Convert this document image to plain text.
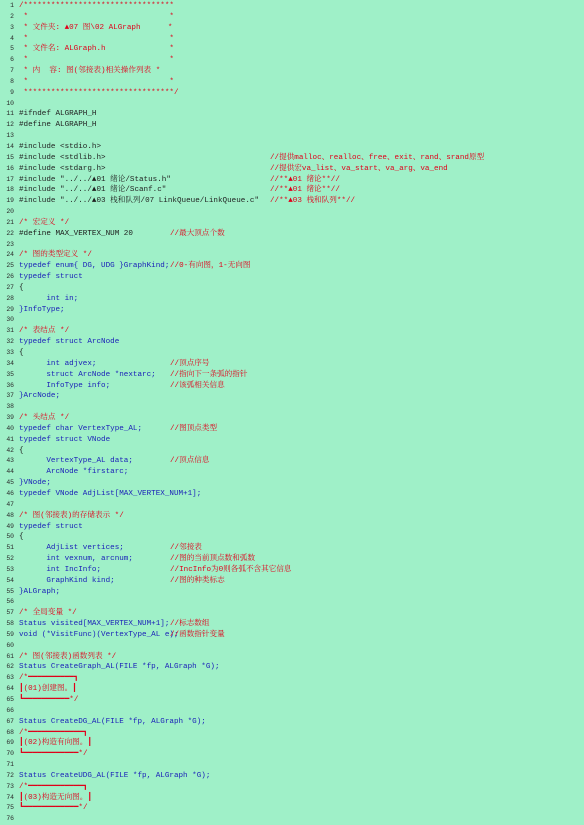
1 /*********************************
2 *                               *
3 * 文件夹: ▲07 图\02 ALGraph      *
4 *                               *
5 * 文件名: ALGraph.h              *
6 *                               *
7 * 内  容: 图(邻接表)相关操作列表 *
8 *                               *
9 *********************************/
10
11 #ifndef ALGRAPH_H
12 #define ALGRAPH_H
13
14 #include <stdio.h>
15 #include <stdlib.h>	//提供malloc、realloc、free、exit、rand、srand原型
16 #include <stdarg.h>	//提供宏va_list、va_start、va_arg、va_end
17 #include "../../▲01 绪论/Status.h"	//**▲01 绪论**//
18 #include "../../▲01 绪论/Scanf.c"	//**▲01 绪论**//
19 #include "../../▲03 栈和队列/07 LinkQueue/LinkQueue.c" //**▲03 栈和队列**//
20
21 /* 宏定义 */
22 #define MAX_VERTEX_NUM 20	//最大顶点个数
23
24 /* 图的类型定义 */
25 typedef enum{ DG, UDG }GraphKind; //0-有向图，1-无向图
26 typedef struct
27 {
28 int in;
29 }InfoType;
30
31 /* 表结点 */
32 typedef struct ArcNode
33 {
34 int adjvex;	//顶点序号
35 struct ArcNode *nextarc; //指向下一条弧的指针
36 InfoType info;	//该弧相关信息
37 }ArcNode;
38
39 /* 头结点 */
40 typedef char VertexType_AL;	//图顶点类型
41 typedef struct VNode
42 {
43 VertexType_AL data;	//顶点信息
44 ArcNode *firstarc;
45 }VNode;
46 typedef VNode AdjList[MAX_VERTEX_NUM+1];
47
48 /* 图(邻接表)的存储表示 */
49 typedef struct
50 {
51 AdjList vertices;	//邻接表
52 int vexnum, arcnum;	//图的当前顶点数和弧数
53 int IncInfo;	//IncInfo为0则各弧不含其它信息
54 GraphKind kind;	//图的种类标志
55 }ALGraph;
56
57 /* 全局变量 */
58 Status visited[MAX_VERTEX_NUM+1]; //标志数组
59 void (*VisitFunc)(VertexType_AL e);
//函数指针变量
60
61 /* 图(邻接表)函数列表 */
62 Status CreateGraph_AL(FILE *fp, ALGraph *G);
63 /*━━━━━━━━━━┓
64 ┃(01)创建图。┃
65 ┗━━━━━━━━━━*/
66
67 Status CreateDG_AL(FILE *fp, ALGraph *G);
68 /*━━━━━━━━━━━━┓
69 ┃(02)构造有向图。┃
70 ┗━━━━━━━━━━━━*/
71
72 Status CreateUDG_AL(FILE *fp, ALGraph *G);
73 /*━━━━━━━━━━━━┓
74 ┃(03)构造无向图。┃
75 ┗━━━━━━━━━━━━*/
76
